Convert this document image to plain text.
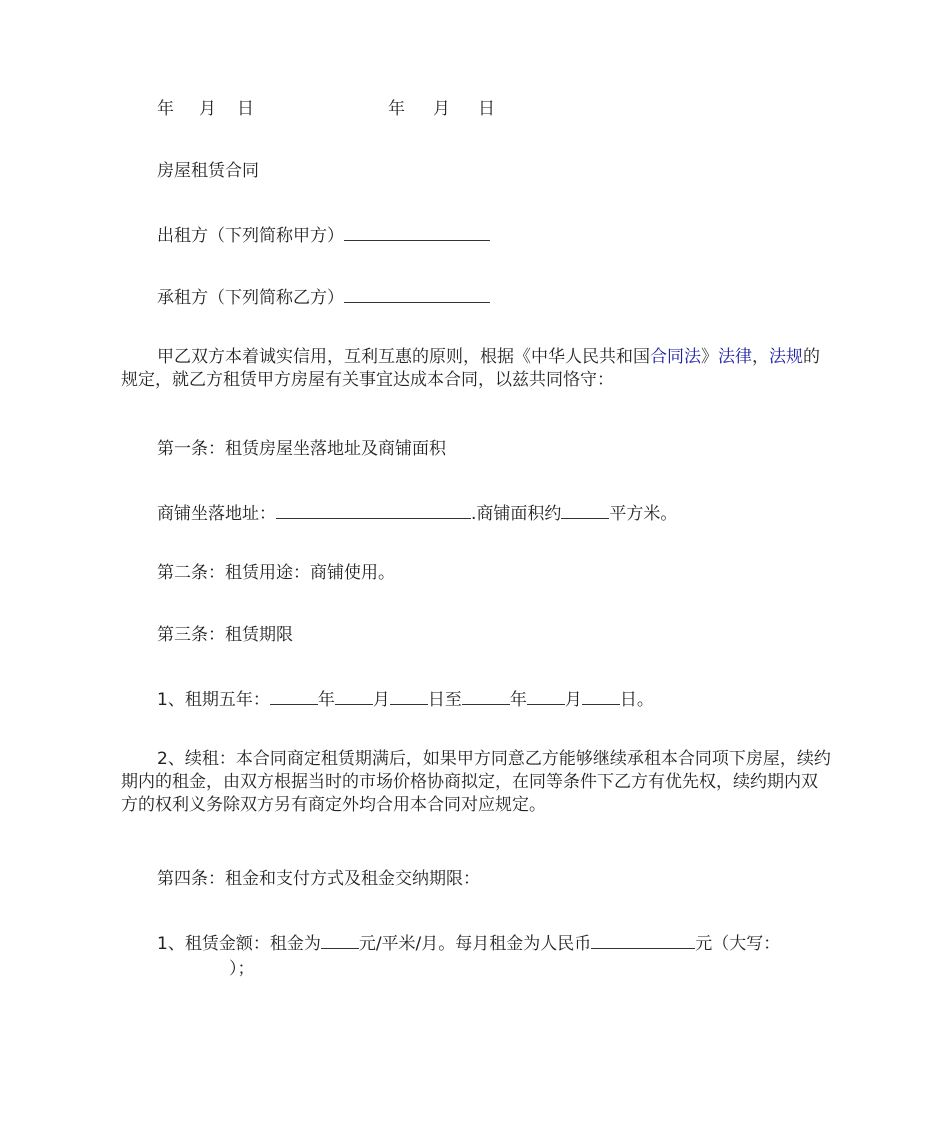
年 月 日	年 月 日
房屋租赁合同
出租方（下列简称甲方）
承租方（下列简称乙方）
甲乙双方本着诚实信用，互利互惠的原则，根据《中华人民共和国合同法》法律，法规的规定，就乙方租赁甲方房屋有关事宜达成本合同，以兹共同恪守：
第一条：租赁房屋坐落地址及商铺面积
商铺坐落地址：	.商铺面积约	平方米。
第二条：租赁用途：商铺使用。
第三条：租赁期限
1、租期五年：	年 月 日至	年 月 日。
2、续租：本合同商定租赁期满后，如果甲方同意乙方能够继续承租本合同项下房屋，续约期内的租金，由双方根据当时的市场价格协商拟定，在同等条件下乙方有优先权，续约期内双方的权利义务除双方另有商定外均合用本合同对应规定。
第四条：租金和支付方式及租金交纳期限：
1、租赁金额：租金为 元/平米/月。每月租金为人民币	元（大写：
）；
